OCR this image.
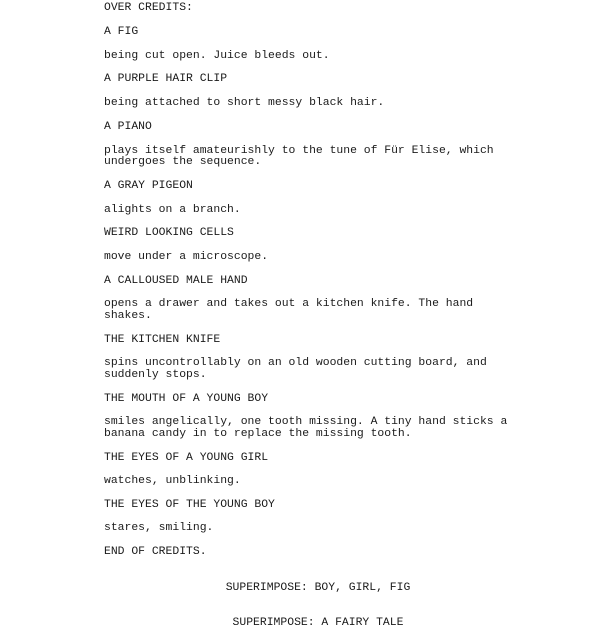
OVER CREDITS:

A FIG

being cut open. Juice bleeds out.

A PURPLE HAIR CLIP

being attached to short messy black hair.

A PIANO

plays itself amateurishly to the tune of Für Elise, which

undergoes the sequence.

A GRAY PIGEON

alights on a branch.

WEIRD LOOKING CELLS

move under a microscope.

A CALLOUSED MALE HAND

opens a drawer and takes out a kitchen knife. The hand

shakes.

THE KITCHEN KNIFE

spins uncontrollably on an old wooden cutting board, and

suddenly stops.

THE MOUTH OF A YOUNG BOY

smiles angelically, one tooth missing. A tiny hand sticks a

banana candy in to replace the missing tooth.

THE EYES OF A YOUNG GIRL

watches, unblinking.

THE EYES OF THE YOUNG BOY

stares, smiling.

END OF CREDITS.

SUPERIMPOSE: BOY, GIRL, FIG

SUPERIMPOSE: A FAIRY TALE
